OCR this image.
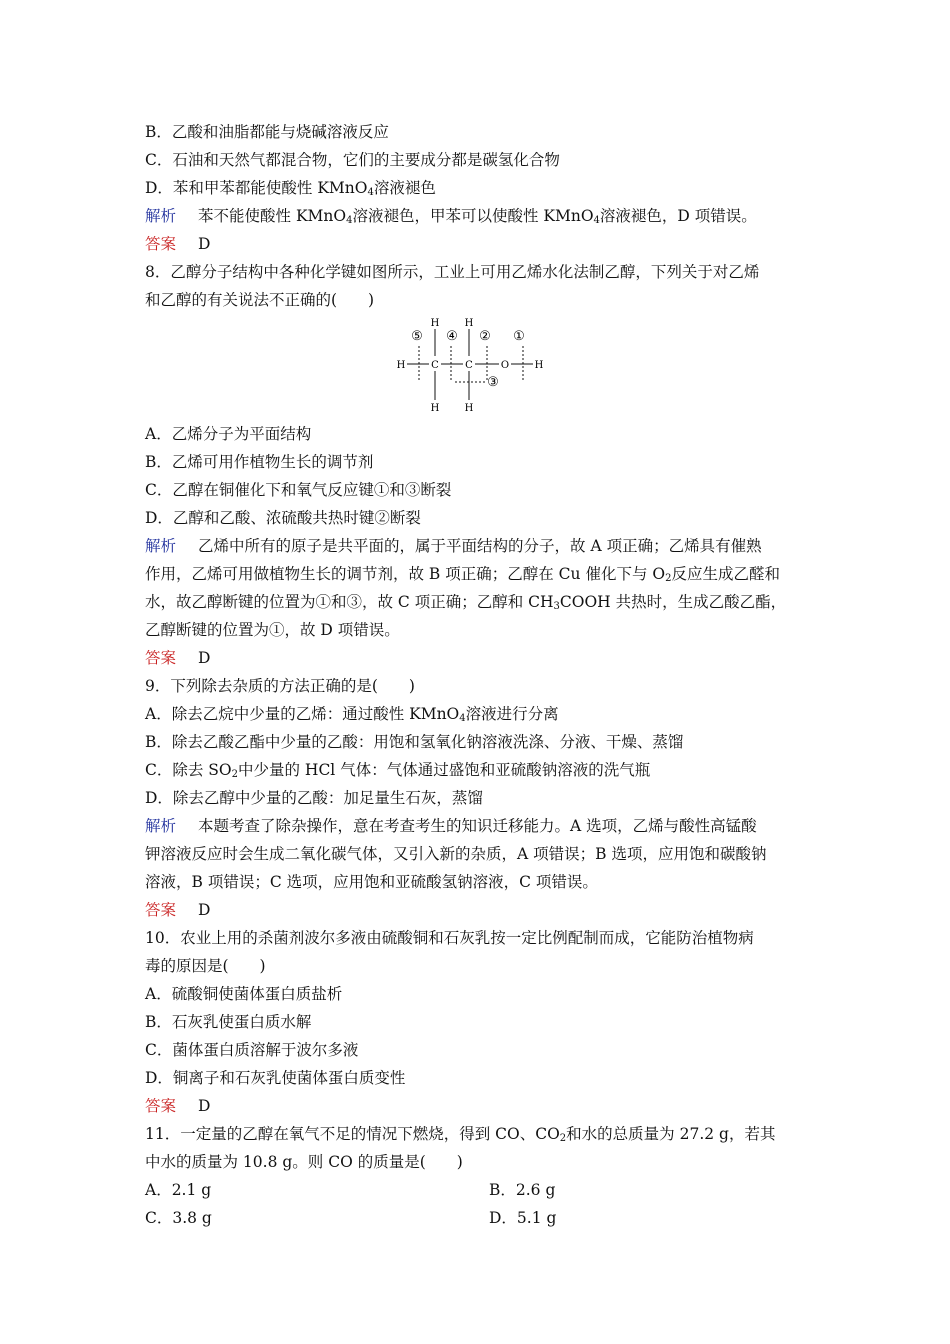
B．乙酸和油脂都能与烧碱溶液反应
C．石油和天然气都混合物，它们的主要成分都是碳氢化合物
D．苯和甲苯都能使酸性 KMnO$_4$溶液褪色
解析 苯不能使酸性 KMnO$_4$溶液褪色，甲苯可以使酸性 KMnO$_4$溶液褪色，D 项错误。
答案 D
8．乙醇分子结构中各种化学键如图所示，工业上可用乙烯水化法制乙醇，下列关于对乙烯
和乙醇的有关说法不正确的(　　)
H	H
H	H
H	C	C	O	H
⑤ ④ ② ①
③
A．乙烯分子为平面结构
B．乙烯可用作植物生长的调节剂
C．乙醇在铜催化下和氧气反应键①和③断裂
D．乙醇和乙酸、浓硫酸共热时键②断裂
解析 乙烯中所有的原子是共平面的，属于平面结构的分子，故 A 项正确；乙烯具有催熟
作用，乙烯可用做植物生长的调节剂，故 B 项正确；乙醇在 Cu 催化下与 $O_2$反应生成乙醛和
水，故乙醇断键的位置为①和③，故 C 项正确；乙醇和 $CH_3COOH$ 共热时，生成乙酸乙酯，
乙醇断键的位置为①，故 D 项错误。
答案 D
9．下列除去杂质的方法正确的是(　　)
A．除去乙烷中少量的乙烯：通过酸性 KMnO$_4$溶液进行分离
B．除去乙酸乙酯中少量的乙酸：用饱和氢氧化钠溶液洗涤、分液、干燥、蒸馏
C．除去 $SO_2$中少量的 HCl 气体：气体通过盛饱和亚硫酸钠溶液的洗气瓶
D．除去乙醇中少量的乙酸：加足量生石灰，蒸馏
解析 本题考查了除杂操作，意在考查考生的知识迁移能力。A 选项，乙烯与酸性高锰酸
钾溶液反应时会生成二氧化碳气体，又引入新的杂质，A 项错误；B 选项，应用饱和碳酸钠
溶液，B 项错误；C 选项，应用饱和亚硫酸氢钠溶液，C 项错误。
答案 D
10．农业上用的杀菌剂波尔多液由硫酸铜和石灰乳按一定比例配制而成，它能防治植物病
毒的原因是(　　)
A．硫酸铜使菌体蛋白质盐析
B．石灰乳使蛋白质水解
C．菌体蛋白质溶解于波尔多液
D．铜离子和石灰乳使菌体蛋白质变性
答案 D
11．一定量的乙醇在氧气不足的情况下燃烧，得到 CO、$CO_2$和水的总质量为 27.2 g，若其
中水的质量为 10.8 g。则 CO 的质量是(　　)
A．2.1 g	B．2.6 g
C．3.8 g	D．5.1 g
